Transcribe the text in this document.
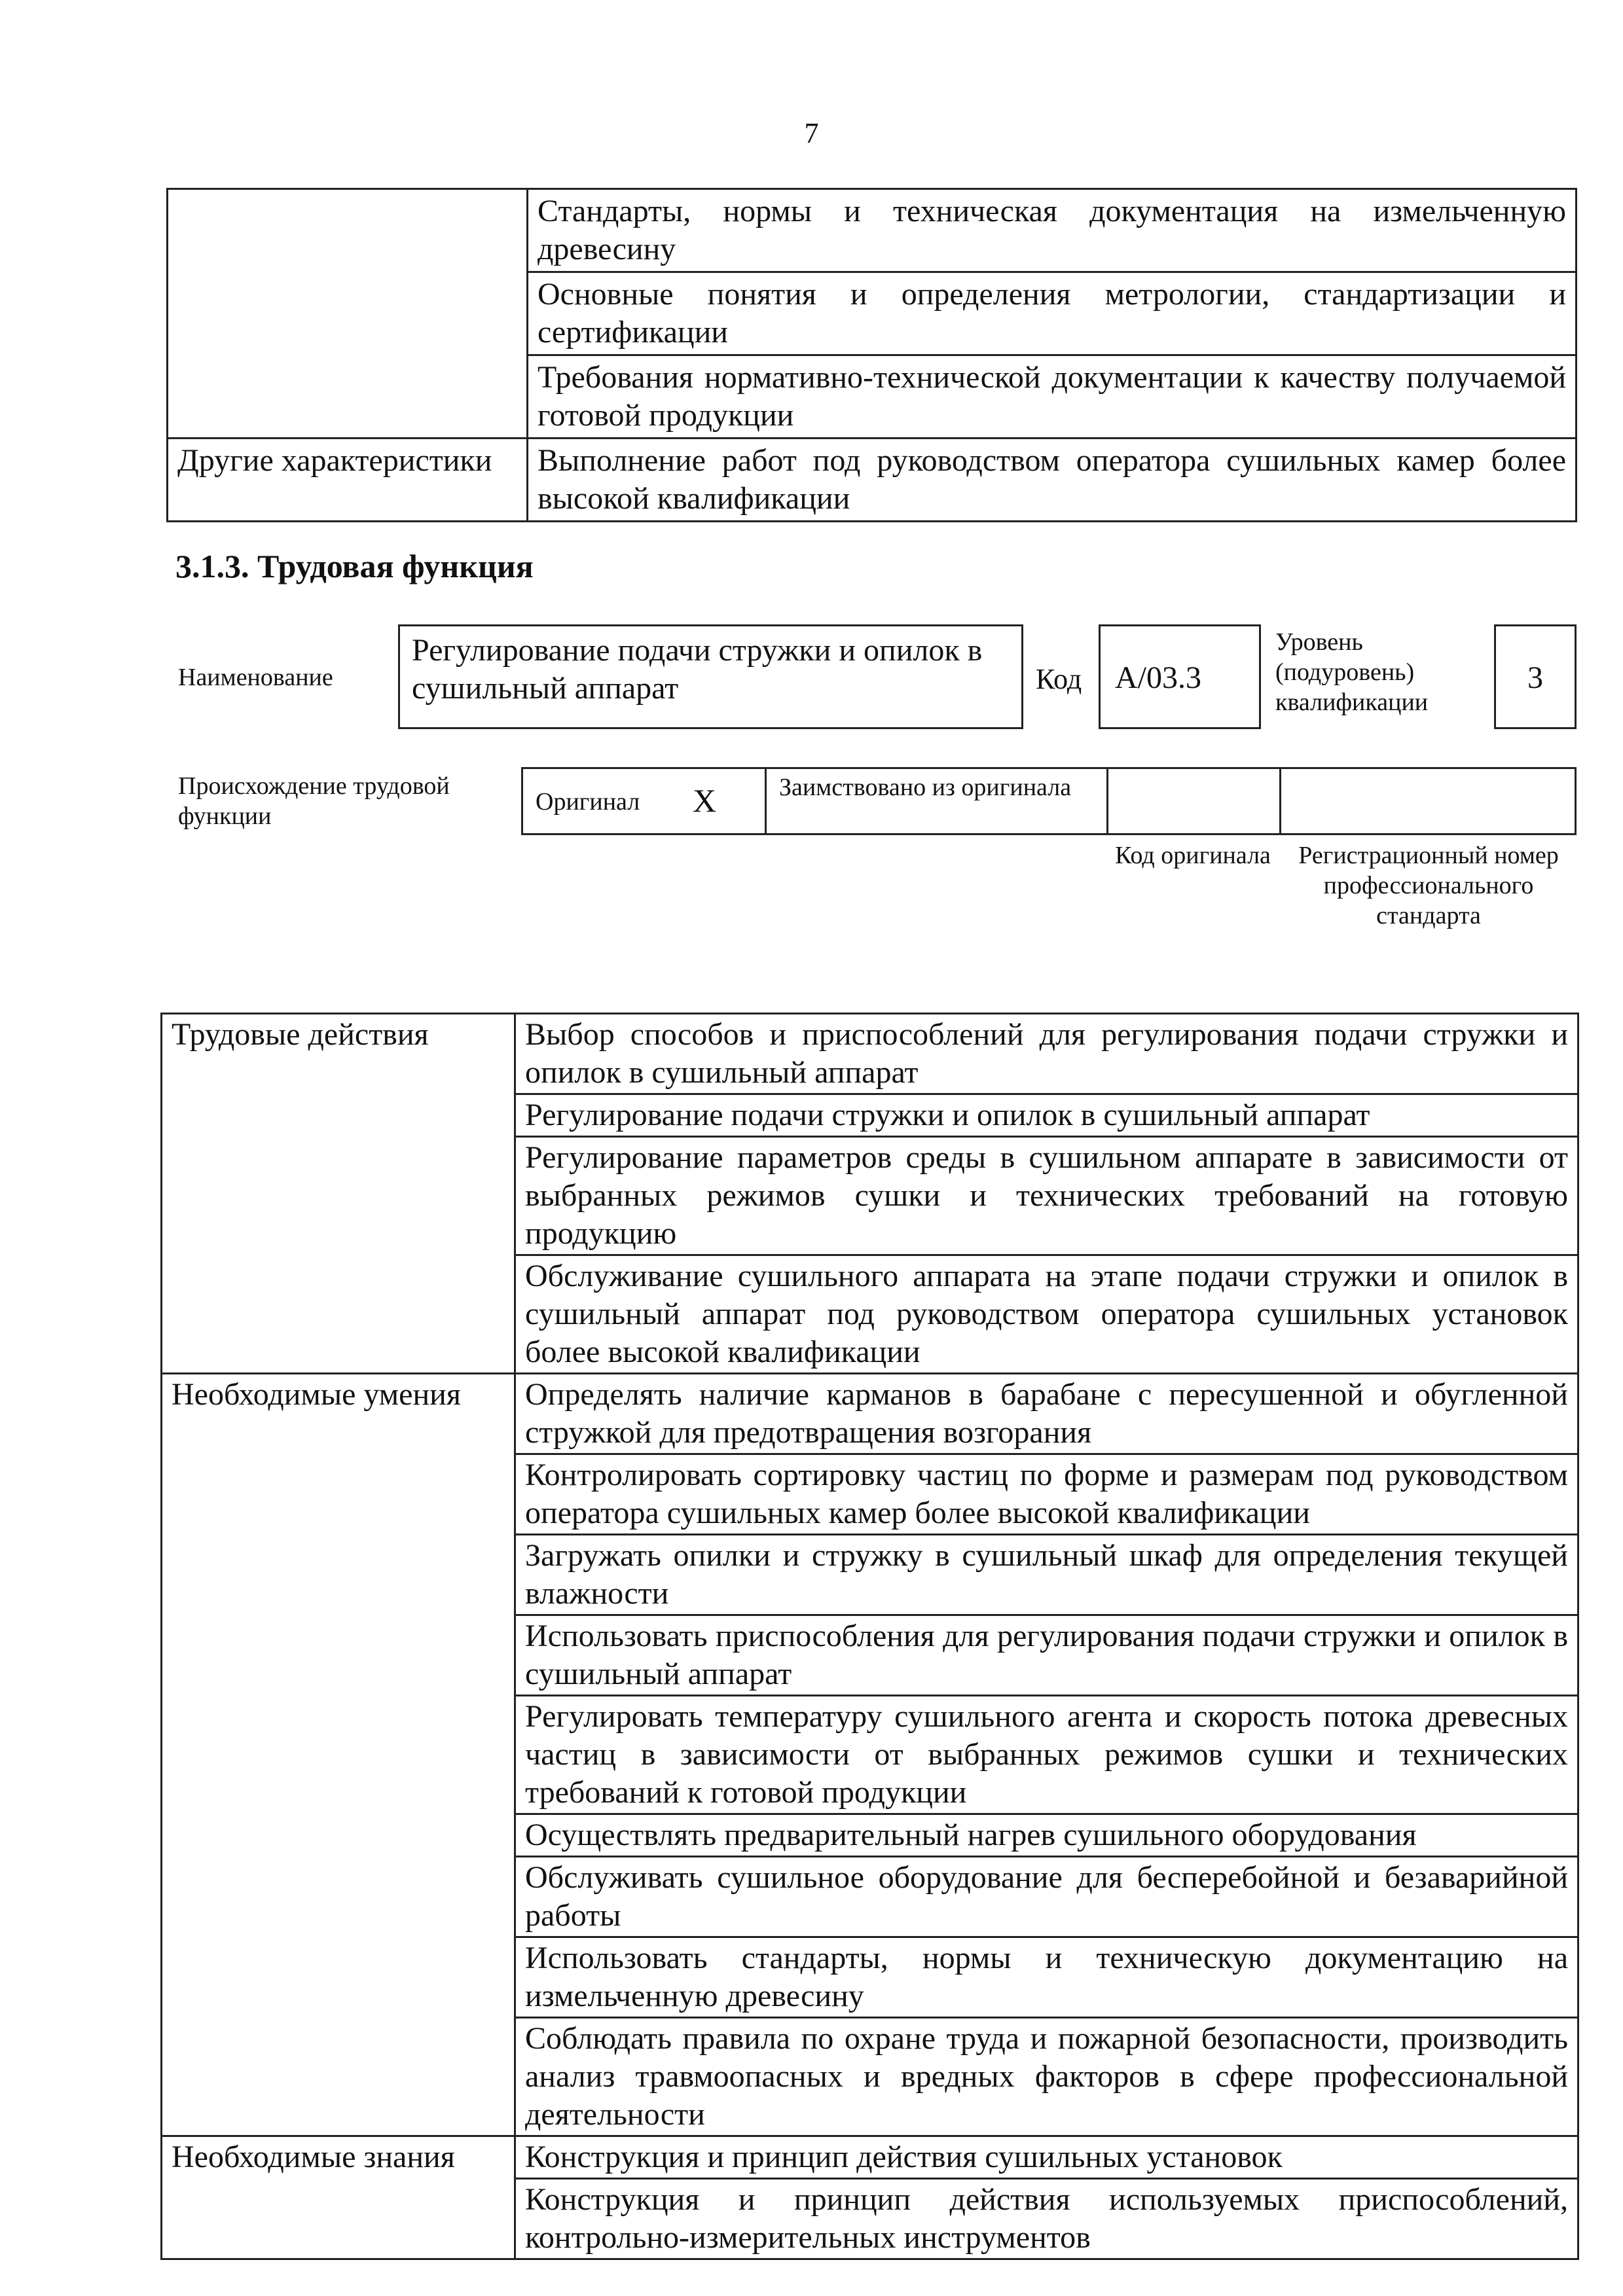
7
	Стандарты, нормы и техническая документация на измельченную древесину
	Основные понятия и определения метрологии, стандартизации и сертификации
	Требования нормативно-технической документации к качеству получаемой готовой продукции
Другие характеристики	Выполнение работ под руководством оператора сушильных камер более высокой квалификации
3.1.3. Трудовая функция
Наименование
Регулирование подачи стружки и опилок в сушильный аппарат	Код	А/03.3
Уровень (подуровень) квалификации
3
Происхождение трудовой функции
Оригинал X	Заимствовано из оригинала
Код оригинала	Регистрационный номер профессионального стандарта
Трудовые действия	Выбор способов и приспособлений для регулирования подачи стружки и опилок в сушильный аппарат
	Регулирование подачи стружки и опилок в сушильный аппарат
	Регулирование параметров среды в сушильном аппарате в зависимости от выбранных режимов сушки и технических требований на готовую продукцию
	Обслуживание сушильного аппарата на этапе подачи стружки и опилок в сушильный аппарат под руководством оператора сушильных установок более высокой квалификации
Необходимые умения	Определять наличие карманов в барабане с пересушенной и обугленной стружкой для предотвращения возгорания
	Контролировать сортировку частиц по форме и размерам под руководством оператора сушильных камер более высокой квалификации
	Загружать опилки и стружку в сушильный шкаф для определения текущей влажности
	Использовать приспособления для регулирования подачи стружки и опилок в сушильный аппарат
	Регулировать температуру сушильного агента и скорость потока древесных частиц в зависимости от выбранных режимов сушки и технических требований к готовой продукции
	Осуществлять предварительный нагрев сушильного оборудования
	Обслуживать сушильное оборудование для бесперебойной и безаварийной работы
	Использовать стандарты, нормы и техническую документацию на измельченную древесину
	Соблюдать правила по охране труда и пожарной безопасности, производить анализ травмоопасных и вредных факторов в сфере профессиональной деятельности
Необходимые знания	Конструкция и принцип действия сушильных установок
	Конструкция и принцип действия используемых приспособлений, контрольно-измерительных инструментов
